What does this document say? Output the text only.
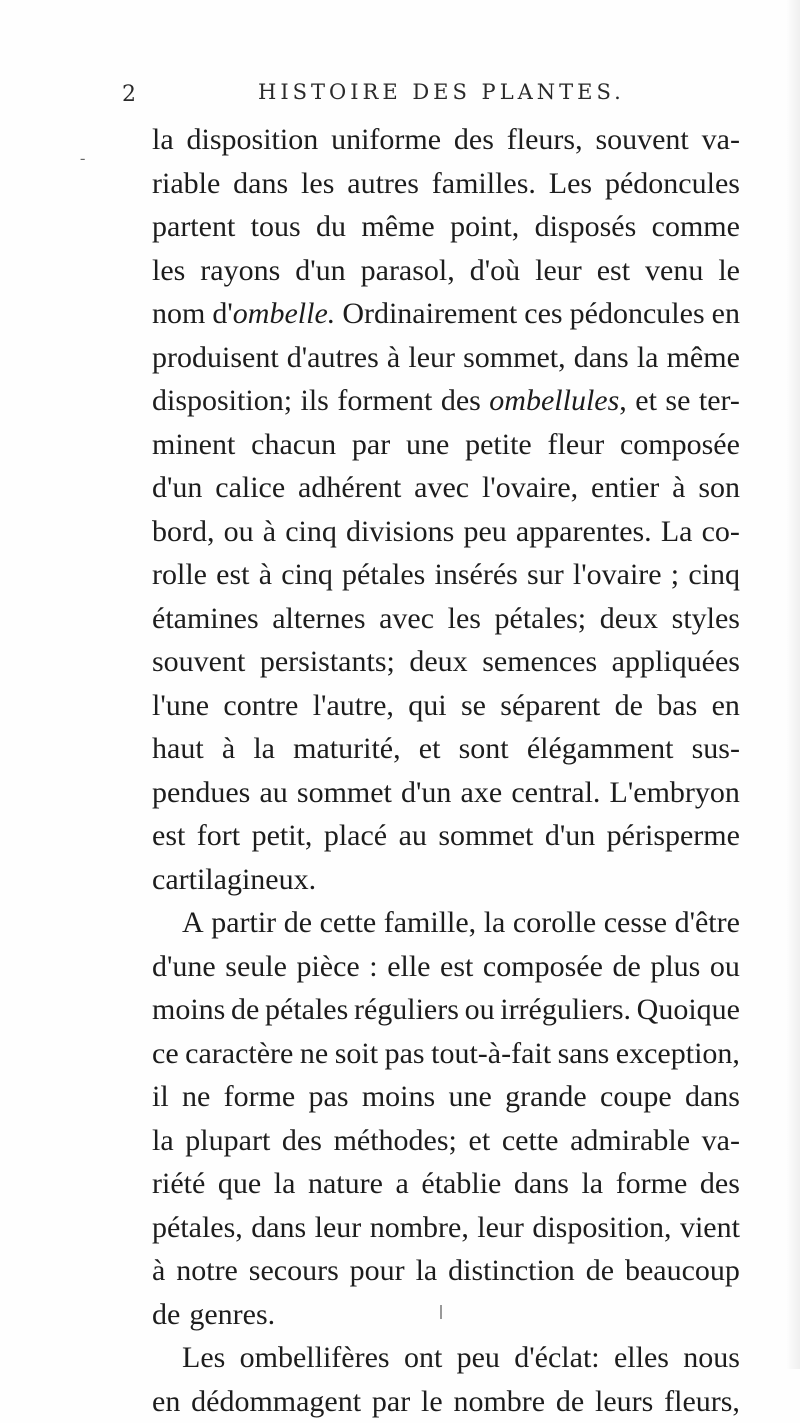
2	HISTOIRE DES PLANTES.
-
la disposition uniforme des fleurs, souvent va-
riable dans les autres familles. Les pédoncules
partent tous du même point, disposés comme
les rayons d'un parasol, d'où leur est venu le
nom d'ombelle. Ordinairement ces pédoncules en
produisent d'autres à leur sommet, dans la même
disposition; ils forment des ombellules, et se ter-
minent chacun par une petite fleur composée
d'un calice adhérent avec l'ovaire, entier à son
bord, ou à cinq divisions peu apparentes. La co-
rolle est à cinq pétales insérés sur l'ovaire ; cinq
étamines alternes avec les pétales; deux styles
souvent persistants; deux semences appliquées
l'une contre l'autre, qui se séparent de bas en
haut à la maturité, et sont élégamment sus-
pendues au sommet d'un axe central. L'embryon
est fort petit, placé au sommet d'un périsperme
cartilagineux.
A partir de cette famille, la corolle cesse d'être
d'une seule pièce : elle est composée de plus ou
moins de pétales réguliers ou irréguliers. Quoique
ce caractère ne soit pas tout-à-fait sans exception,
il ne forme pas moins une grande coupe dans
la plupart des méthodes; et cette admirable va-
riété que la nature a établie dans la forme des
pétales, dans leur nombre, leur disposition, vient
à notre secours pour la distinction de beaucoup
de genres.
Les ombellifères ont peu d'éclat: elles nous
en dédommagent par le nombre de leurs fleurs,
